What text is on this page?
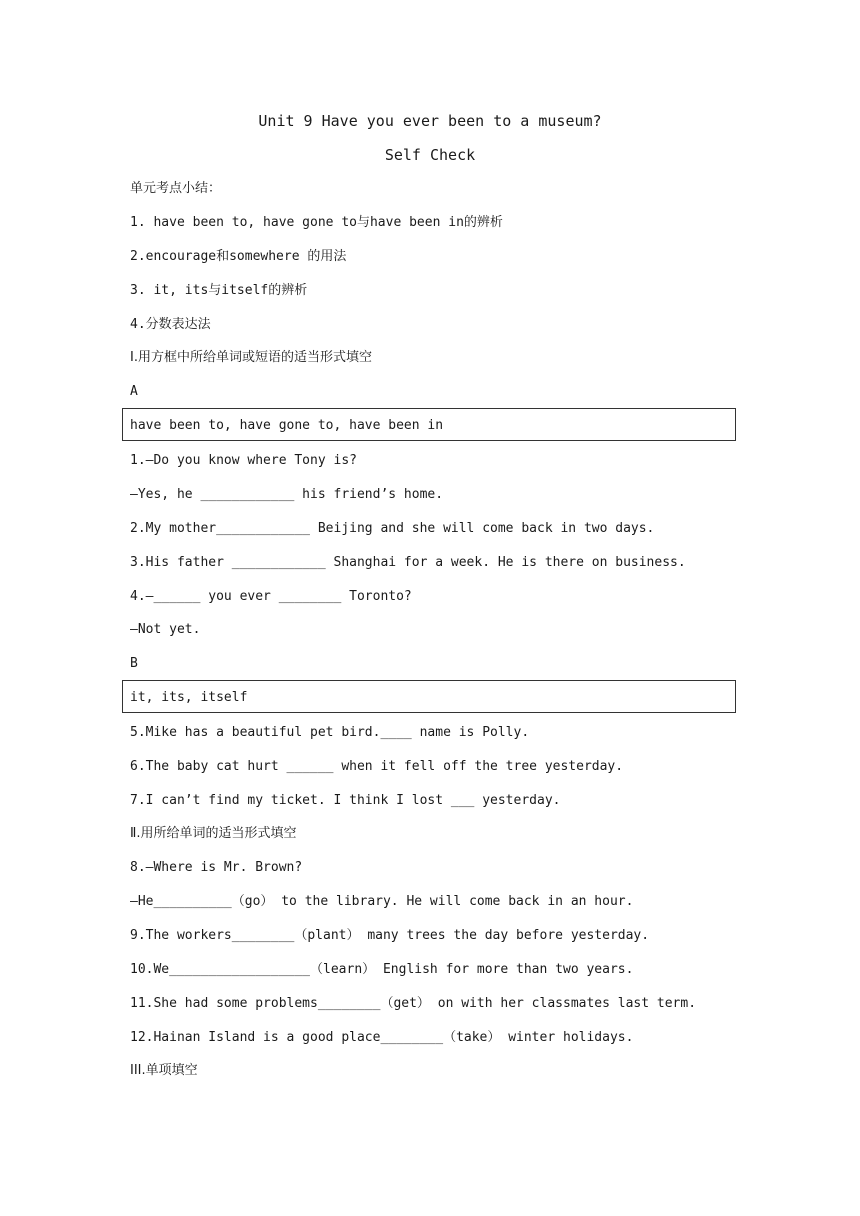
Unit 9 Have you ever been to a museum?
Self Check
单元考点小结：
1. have been to, have gone to与have been in的辨析
2.encourage和somewhere 的用法
3. it, its与itself的辨析
4.分数表达法
Ⅰ.用方框中所给单词或短语的适当形式填空
A
have been to, have gone to, have been in
1.—Do you know where Tony is?
—Yes, he ____________ his friend’s home.
2.My mother____________ Beijing and she will come back in two days.
3.His father ____________ Shanghai for a week. He is there on business.
4.—______ you ever ________ Toronto?
—Not yet.
B
it, its, itself
5.Mike has a beautiful pet bird.____ name is Polly.
6.The baby cat hurt ______ when it fell off the tree yesterday.
7.I can’t find my ticket. I think I lost ___ yesterday.
Ⅱ.用所给单词的适当形式填空
8.—Where is Mr. Brown?
—He__________（go） to the library. He will come back in an hour.
9.The workers________（plant） many trees the day before yesterday.
10.We__________________（learn） English for more than two years.
11.She had some problems________（get） on with her classmates last term.
12.Hainan Island is a good place________（take） winter holidays.
III.单项填空
